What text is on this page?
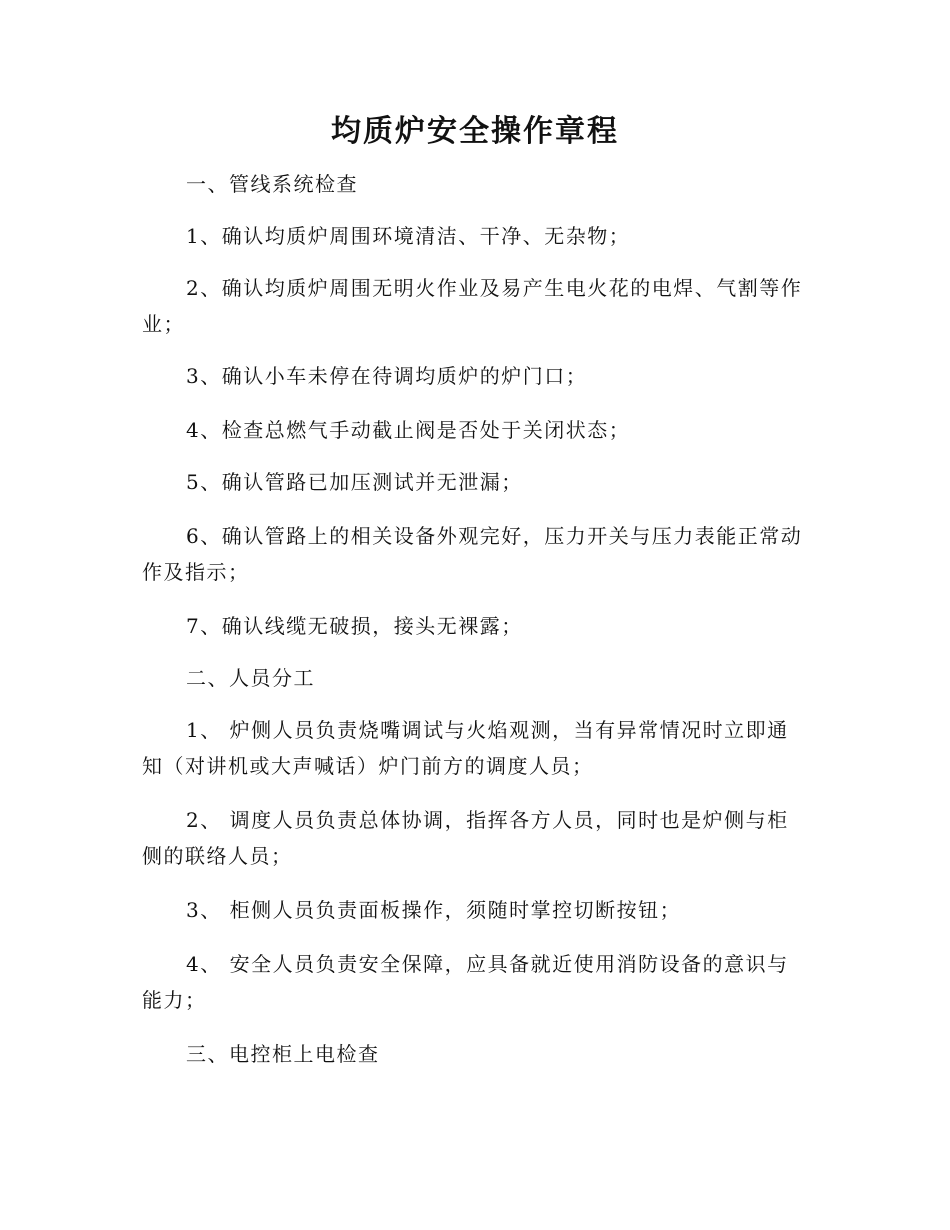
均质炉安全操作章程

一、管线系统检查

1、确认均质炉周围环境清洁、干净、无杂物；

2、确认均质炉周围无明火作业及易产生电火花的电焊、气割等作业；

3、确认小车未停在待调均质炉的炉门口；

4、检查总燃气手动截止阀是否处于关闭状态；

5、确认管路已加压测试并无泄漏；

6、确认管路上的相关设备外观完好，压力开关与压力表能正常动作及指示；

7、确认线缆无破损，接头无裸露；

二、人员分工

1、 炉侧人员负责烧嘴调试与火焰观测，当有异常情况时立即通知（对讲机或大声喊话）炉门前方的调度人员；

2、 调度人员负责总体协调，指挥各方人员，同时也是炉侧与柜侧的联络人员；

3、 柜侧人员负责面板操作，须随时掌控切断按钮；

4、 安全人员负责安全保障，应具备就近使用消防设备的意识与能力；

三、电控柜上电检查
